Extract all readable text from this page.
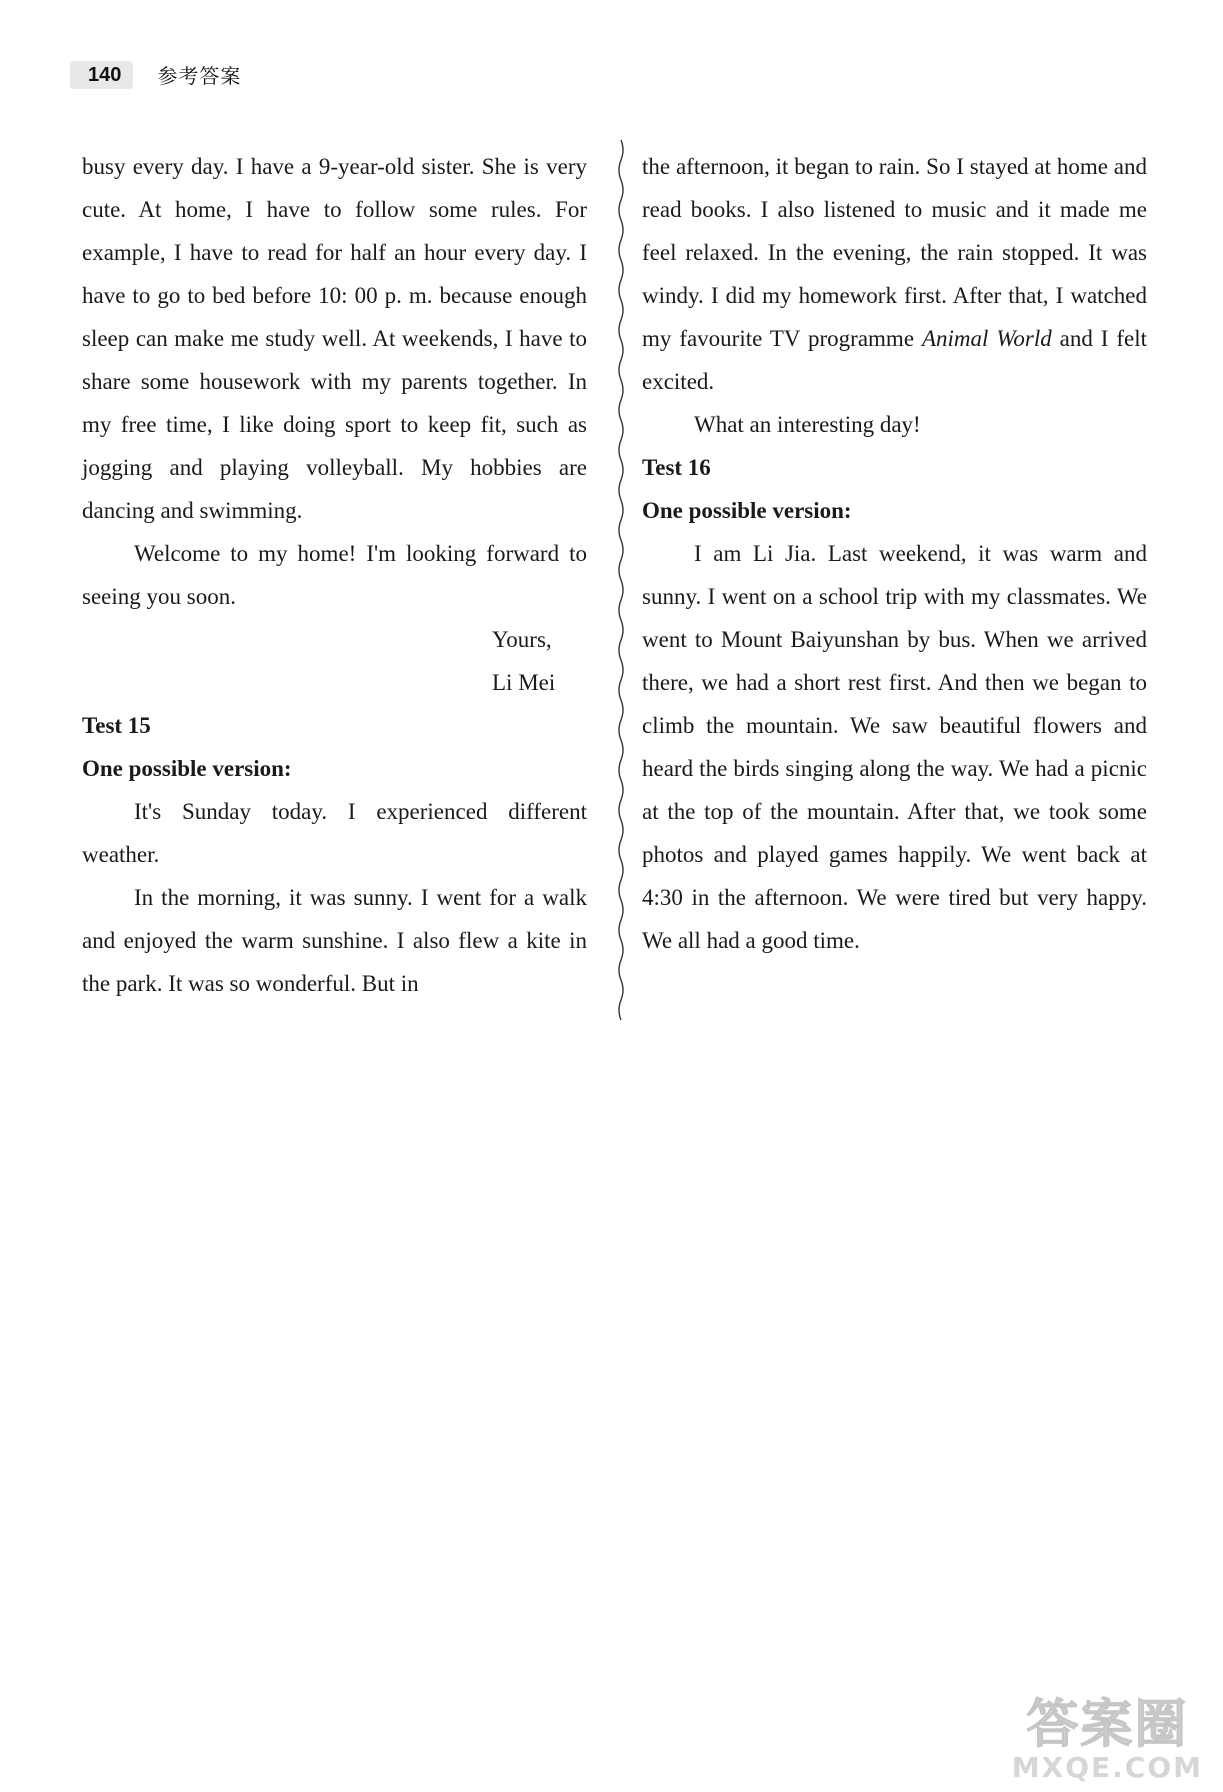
140	参考答案

busy every day. I have a 9-year-old sister. She is very cute. At home, I have to follow some rules. For example, I have to read for half an hour every day. I have to go to bed before 10: 00 p. m. because enough sleep can make me study well. At weekends, I have to share some housework with my parents together. In my free time, I like doing sport to keep fit, such as jogging and playing volleyball. My hobbies are dancing and swimming.

Welcome to my home! I'm looking forward to seeing you soon.

Yours,

Li Mei

Test 15

One possible version:

It's Sunday today. I experienced different weather.

In the morning, it was sunny. I went for a walk and enjoyed the warm sunshine. I also flew a kite in the park. It was so wonderful. But in

the afternoon, it began to rain. So I stayed at home and read books. I also listened to music and it made me feel relaxed. In the evening, the rain stopped. It was windy. I did my homework first. After that, I watched my favourite TV programme Animal World and I felt excited.

What an interesting day!

Test 16

One possible version:

I am Li Jia. Last weekend, it was warm and sunny. I went on a school trip with my classmates. We went to Mount Baiyunshan by bus. When we arrived there, we had a short rest first. And then we began to climb the mountain. We saw beautiful flowers and heard the birds singing along the way. We had a picnic at the top of the mountain. After that, we took some photos and played games happily. We went back at 4:30 in the afternoon. We were tired but very happy. We all had a good time.

答案圈
MXQE.COM
